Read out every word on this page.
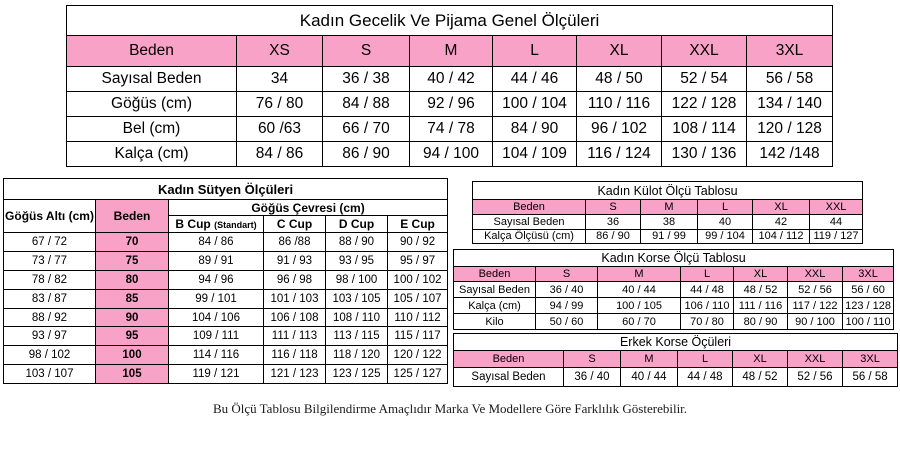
Kadın Gecelik Ve Pijama Genel Ölçüleri							
Beden	XS	S	M	L	XL	XXL	3XL
Sayısal Beden	34	36 / 38	40 / 42	44 / 46	48 / 50	52 / 54	56 / 58
Göğüs (cm)	76 / 80	84 / 88	92 / 96	100 / 104	110 / 116	122 / 128	134 / 140
Bel (cm)	60 /63	66 / 70	74 / 78	84 / 90	96 / 102	108 / 114	120 / 128
Kalça (cm)	84 / 86	86 / 90	94 / 100	104 / 109	116 / 124	130 / 136	142 /148
Kadın Sütyen Ölçüleri					
Göğüs Altı (cm)	Beden	Göğüs Çevresi (cm)			
		B Cup (Standart)	C Cup	D Cup	E Cup
67 / 72	70	84 / 86	86 /88	88 / 90	90 / 92
73 / 77	75	89 / 91	91 / 93	93 / 95	95 / 97
78 / 82	80	94 / 96	96 / 98	98 / 100	100 / 102
83 / 87	85	99 / 101	101 / 103	103 / 105	105 / 107
88 / 92	90	104 / 106	106 / 108	108 / 110	110 / 112
93 / 97	95	109 / 111	111 / 113	113 / 115	115 / 117
98 / 102	100	114 / 116	116 / 118	118 / 120	120 / 122
103 / 107	105	119 / 121	121 / 123	123 / 125	125 / 127
Kadın Külot Ölçü Tablosu					
Beden	S	M	L	XL	XXL
Sayısal Beden	36	38	40	42	44
Kalça Ölçüsü (cm)	86 / 90	91 / 99	99 / 104	104 / 112	119 / 127
Kadın Korse Ölçü Tablosu						
Beden	S	M	L	XL	XXL	3XL
Sayısal Beden	36 / 40	40 / 44	44 / 48	48 / 52	52 / 56	56 / 60
Kalça (cm)	94 / 99	100 / 105	106 / 110	111 / 116	117 / 122	123 / 128
Kilo	50 / 60	60 / 70	70 / 80	80 / 90	90 / 100	100 / 110
Erkek Korse Öçüleri						
Beden	S	M	L	XL	XXL	3XL
Sayısal Beden	36 / 40	40 / 44	44 / 48	48 / 52	52 / 56	56 / 58
Bu Ölçü Tablosu Bilgilendirme Amaçlıdır Marka Ve Modellere Göre Farklılık Gösterebilir.
